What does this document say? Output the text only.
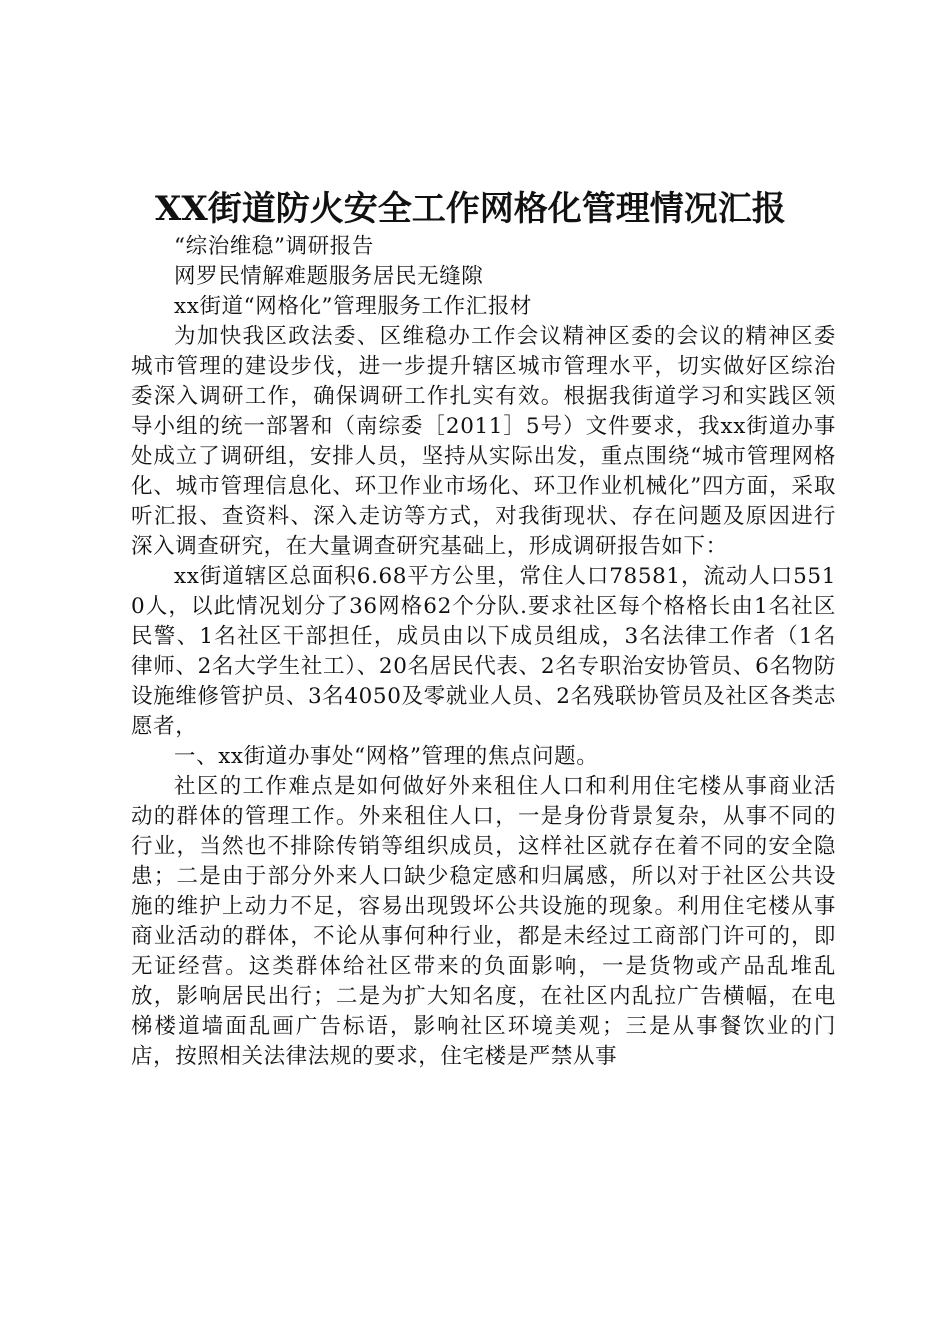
XX街道防火安全工作网格化管理情况汇报

“综治维稳”调研报告

网罗民情解难题服务居民无缝隙

xx街道“网格化”管理服务工作汇报材

为加快我区政法委、区维稳办工作会议精神区委的会议的精神区委城市管理的建设步伐，进一步提升辖区城市管理水平，切实做好区综治委深入调研工作，确保调研工作扎实有效。根据我街道学习和实践区领导小组的统一部署和（南综委［2011］5号）文件要求，我xx街道办事处成立了调研组，安排人员，坚持从实际出发，重点围绕“城市管理网格化、城市管理信息化、环卫作业市场化、环卫作业机械化”四方面，采取听汇报、查资料、深入走访等方式，对我街现状、存在问题及原因进行深入调查研究，在大量调查研究基础上，形成调研报告如下：

xx街道辖区总面积6.68平方公里，常住人口78581，流动人口5510人，以此情况划分了36网格62个分队.要求社区每个格格长由1名社区民警、1名社区干部担任，成员由以下成员组成，3名法律工作者（1名律师、2名大学生社工）、20名居民代表、2名专职治安协管员、6名物防设施维修管护员、3名4050及零就业人员、2名残联协管员及社区各类志愿者，

一、xx街道办事处“网格”管理的焦点问题。

社区的工作难点是如何做好外来租住人口和利用住宅楼从事商业活动的群体的管理工作。外来租住人口，一是身份背景复杂，从事不同的行业，当然也不排除传销等组织成员，这样社区就存在着不同的安全隐患；二是由于部分外来人口缺少稳定感和归属感，所以对于社区公共设施的维护上动力不足，容易出现毁坏公共设施的现象。利用住宅楼从事商业活动的群体，不论从事何种行业，都是未经过工商部门许可的，即无证经营。这类群体给社区带来的负面影响，一是货物或产品乱堆乱放，影响居民出行；二是为扩大知名度，在社区内乱拉广告横幅，在电梯楼道墙面乱画广告标语，影响社区环境美观；三是从事餐饮业的门店，按照相关法律法规的要求，住宅楼是严禁从事
